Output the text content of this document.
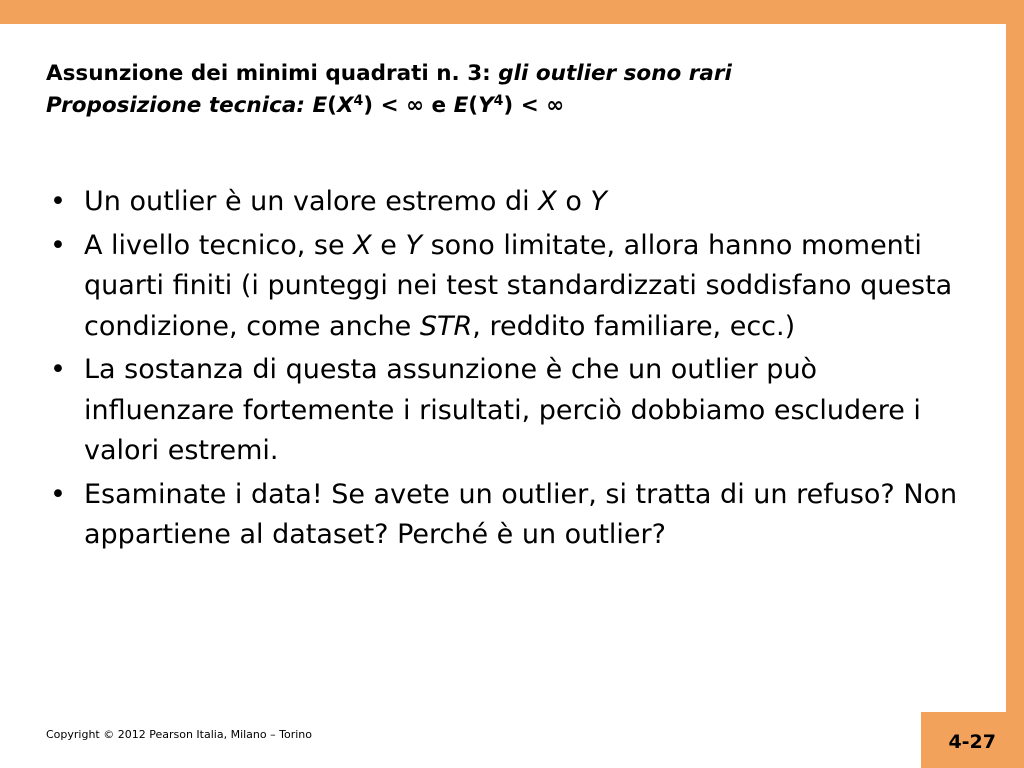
Assunzione dei minimi quadrati n. 3: gli outlier sono rari
Proposizione tecnica: $E(X^4)$ < ∞ e $E(Y^4)$ < ∞
• Un outlier è un valore estremo di X o Y
• A livello tecnico, se X e Y sono limitate, allora hanno momenti quarti finiti (i punteggi nei test standardizzati soddisfano questa condizione, come anche STR, reddito familiare, ecc.)
• La sostanza di questa assunzione è che un outlier può influenzare fortemente i risultati, perciò dobbiamo escludere i valori estremi.
• Esaminate i data! Se avete un outlier, si tratta di un refuso? Non appartiene al dataset? Perché è un outlier?
Copyright © 2012 Pearson Italia, Milano – Torino	4-27
